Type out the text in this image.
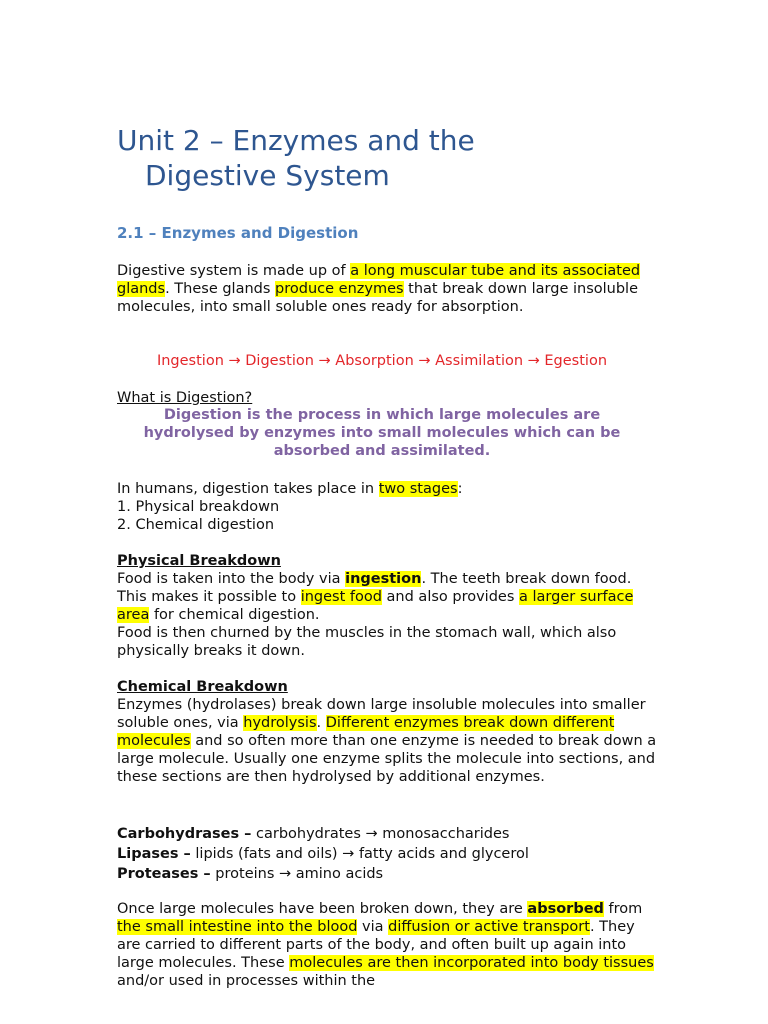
Unit 2 – Enzymes and the
Digestive System
2.1 – Enzymes and Digestion

Digestive system is made up of a long muscular tube and its associated glands. These glands produce enzymes that break down large insoluble molecules, into small soluble ones ready for absorption.

Ingestion → Digestion → Absorption → Assimilation → Egestion

What is Digestion?

Digestion is the process in which large molecules are hydrolysed by enzymes into small molecules which can be absorbed and assimilated.

In humans, digestion takes place in two stages:
1. Physical breakdown
2. Chemical digestion
Physical Breakdown
Food is taken into the body via ingestion. The teeth break down food. This makes it possible to ingest food and also provides a larger surface area for chemical digestion.
Food is then churned by the muscles in the stomach wall, which also physically breaks it down.
Chemical Breakdown
Enzymes (hydrolases) break down large insoluble molecules into smaller soluble ones, via hydrolysis. Different enzymes break down different molecules and so often more than one enzyme is needed to break down a large molecule. Usually one enzyme splits the molecule into sections, and these sections are then hydrolysed by additional enzymes.
Carbohydrases – carbohydrates → monosaccharides
Lipases – lipids (fats and oils) → fatty acids and glycerol
Proteases – proteins → amino acids

Once large molecules have been broken down, they are absorbed from the small intestine into the blood via diffusion or active transport. They are carried to different parts of the body, and often built up again into large molecules. These molecules are then incorporated into body tissues and/or used in processes within the
